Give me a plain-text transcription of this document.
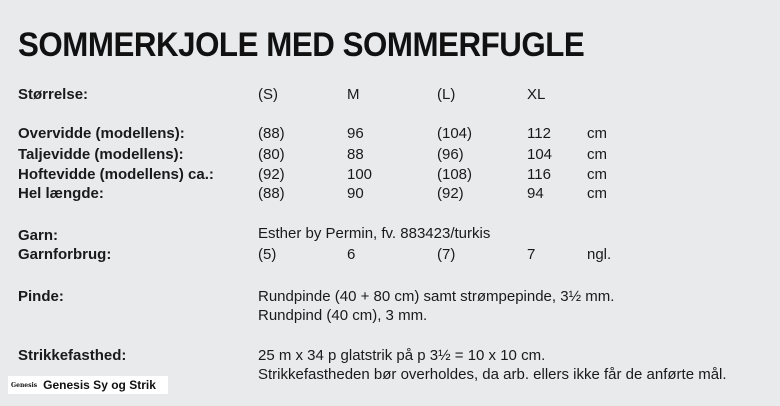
SOMMERKJOLE MED SOMMERFUGLE
Størrelse:	(S)	M	(L)	XL
Overvidde (modellens):	(88)	96	(104)	112 cm
Taljevidde (modellens):	(80)	88	(96)	104 cm
Hoftevidde (modellens) ca.:	(92)	100	(108)	116 cm
Hel længde:	(88)	90	(92)	94	cm
Garn:	Esther by Permin, fv. 883423/turkis
Garnforbrug:	(5)	6	(7)	7	ngl.
Pinde:	Rundpinde (40 + 80 cm) samt strømpepinde, 3½ mm.
Rundpind (40 cm), 3 mm.
Strikkefasthed:	25 m x 34 p glatstrik på p 3½ = 10 x 10 cm.
Strikkefastheden bør overholdes, da arb. ellers ikke får de anførte mål.
Genesis Genesis Sy og Strik
